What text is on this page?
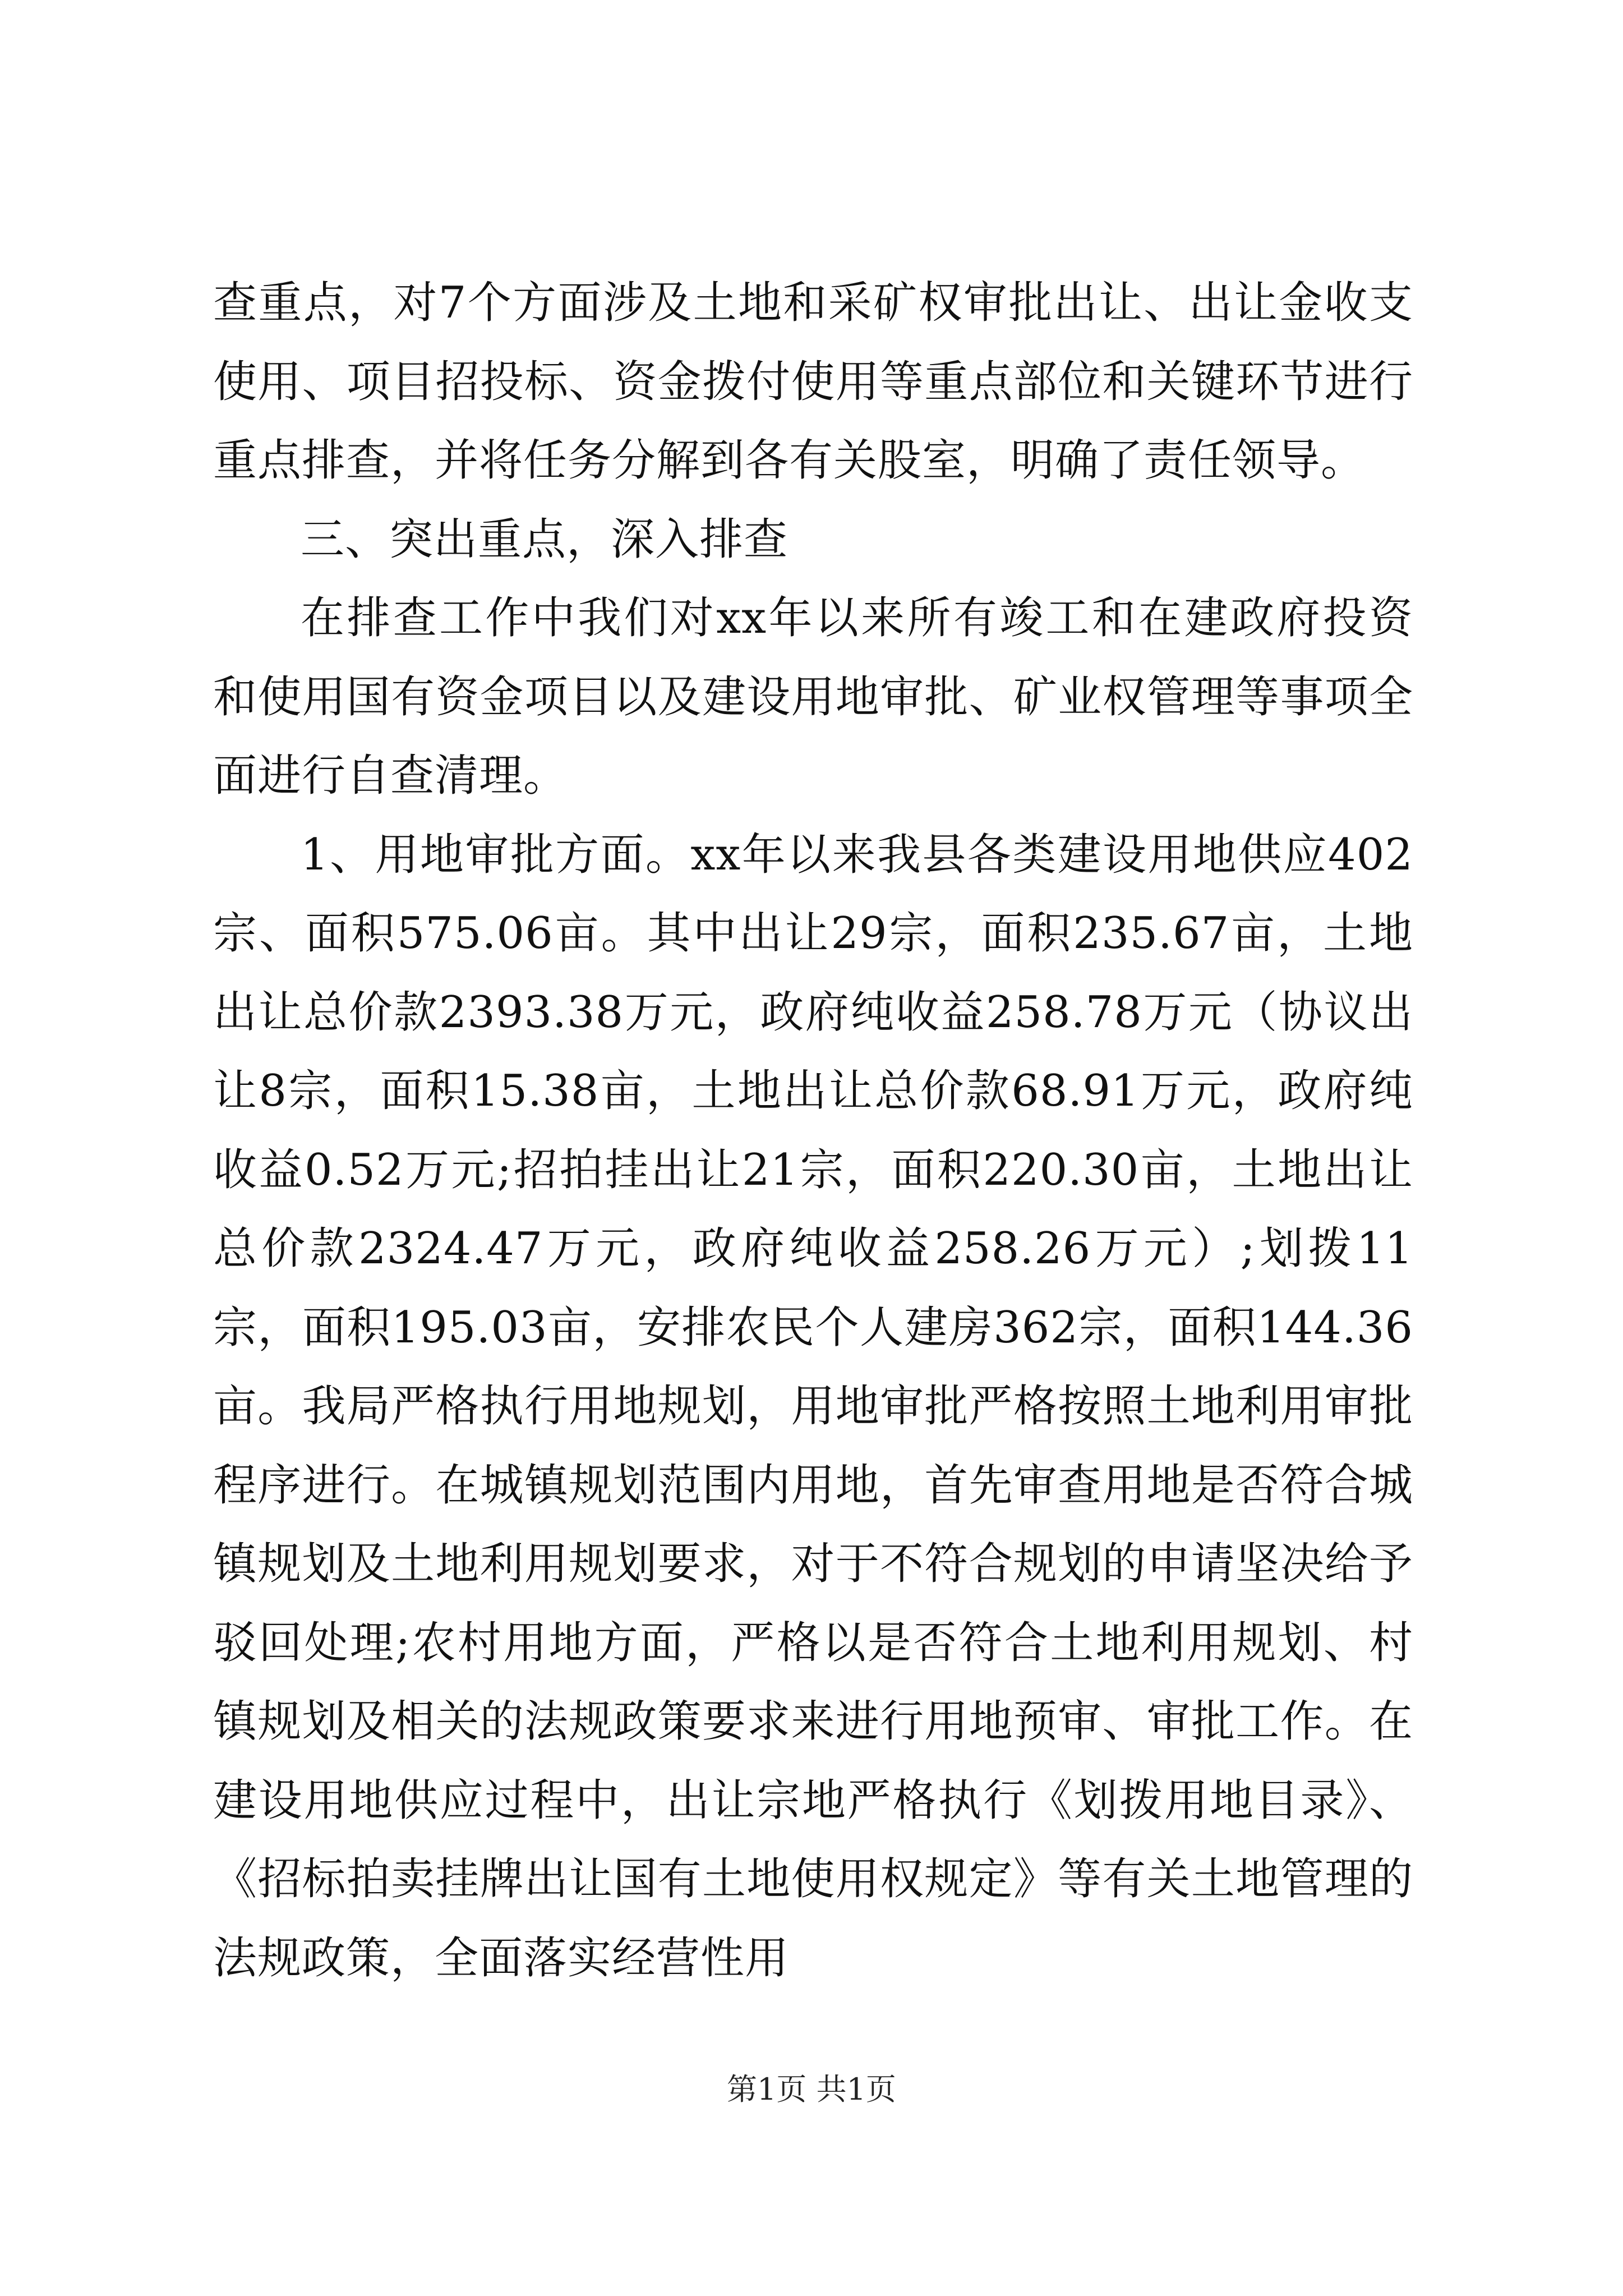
查重点，对7个方面涉及土地和采矿权审批出让、出让金收支使用、项目招投标、资金拨付使用等重点部位和关键环节进行重点排查，并将任务分解到各有关股室，明确了责任领导。

三、突出重点，深入排查

在排查工作中我们对xx年以来所有竣工和在建政府投资和使用国有资金项目以及建设用地审批、矿业权管理等事项全面进行自查清理。

1、用地审批方面。xx年以来我县各类建设用地供应402宗、面积575.06亩。其中出让29宗，面积235.67亩，土地出让总价款2393.38万元，政府纯收益258.78万元（协议出让8宗，面积15.38亩，土地出让总价款68.91万元，政府纯收益0.52万元;招拍挂出让21宗，面积220.30亩，土地出让总价款2324.47万元，政府纯收益258.26万元）;划拨11宗，面积195.03亩，安排农民个人建房362宗，面积144.36亩。我局严格执行用地规划，用地审批严格按照土地利用审批程序进行。在城镇规划范围内用地，首先审查用地是否符合城镇规划及土地利用规划要求，对于不符合规划的申请坚决给予驳回处理;农村用地方面，严格以是否符合土地利用规划、村镇规划及相关的法规政策要求来进行用地预审、审批工作。在建设用地供应过程中，出让宗地严格执行《划拨用地目录》、《招标拍卖挂牌出让国有土地使用权规定》等有关土地管理的法规政策，全面落实经营性用

第1页 共1页
